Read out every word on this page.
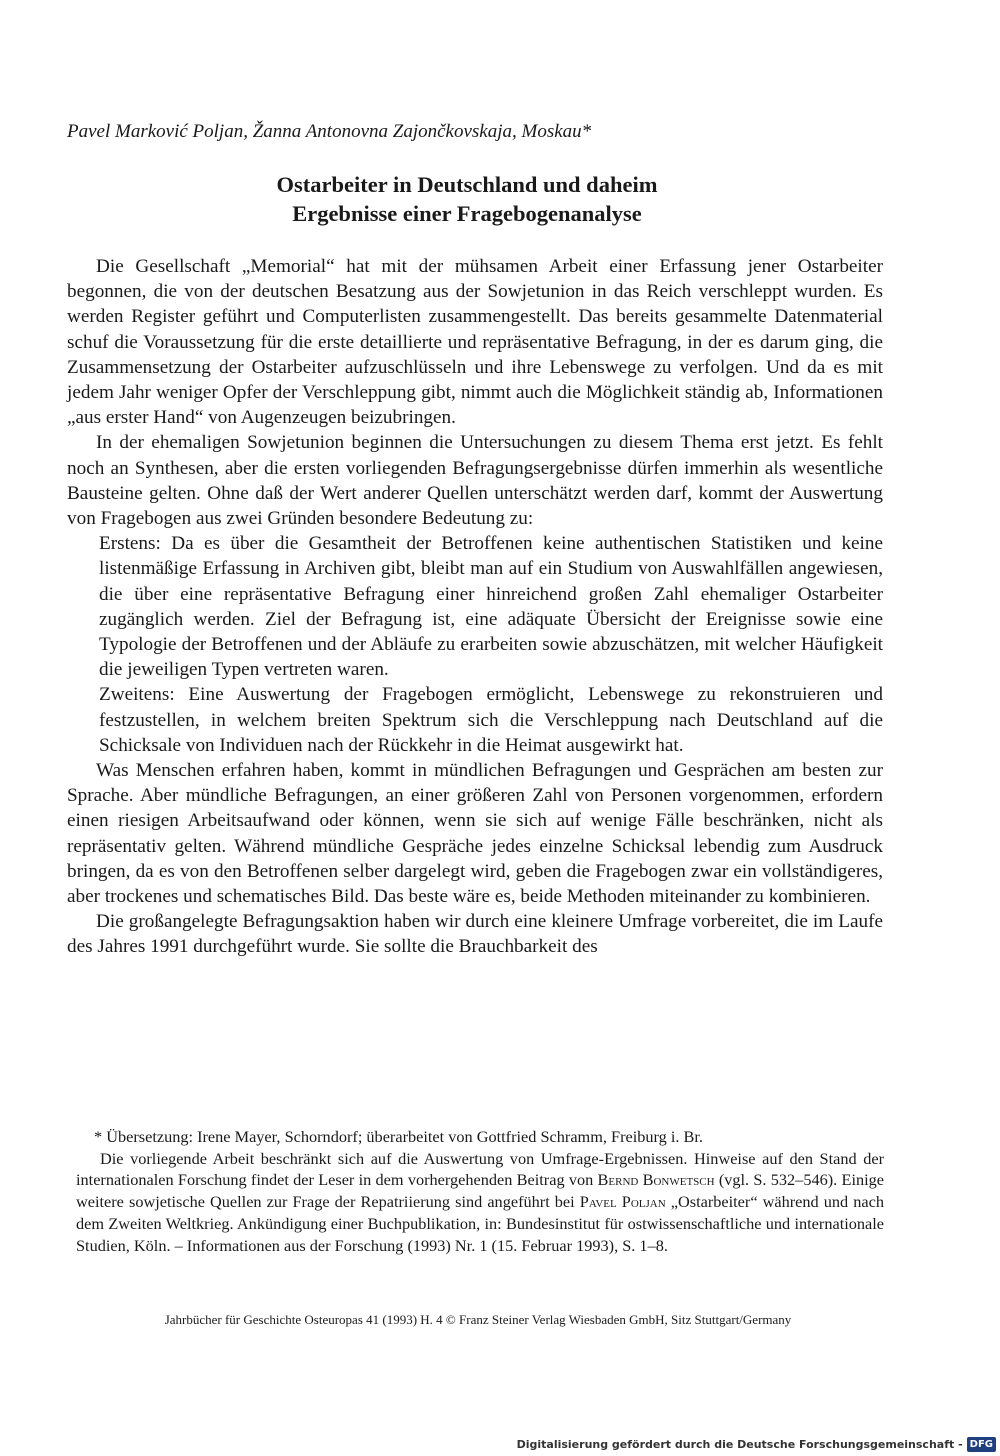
Pavel Marković Poljan, Žanna Antonovna Zajončkovskaja, Moskau*
Ostarbeiter in Deutschland und daheim
Ergebnisse einer Fragebogenanalyse

Die Gesellschaft „Memorial“ hat mit der mühsamen Arbeit einer Erfassung jener Ostarbeiter begonnen, die von der deutschen Besatzung aus der Sowjetunion in das Reich verschleppt wurden. Es werden Register geführt und Computerlisten zusammengestellt. Das bereits gesammelte Datenmaterial schuf die Voraussetzung für die erste detaillierte und repräsentative Befragung, in der es darum ging, die Zusammensetzung der Ostarbeiter aufzuschlüsseln und ihre Lebenswege zu verfolgen. Und da es mit jedem Jahr weniger Opfer der Verschleppung gibt, nimmt auch die Möglichkeit ständig ab, Informationen „aus erster Hand“ von Augenzeugen beizubringen.

In der ehemaligen Sowjetunion beginnen die Untersuchungen zu diesem Thema erst jetzt. Es fehlt noch an Synthesen, aber die ersten vorliegenden Befragungsergebnisse dürfen immerhin als wesentliche Bausteine gelten. Ohne daß der Wert anderer Quellen unterschätzt werden darf, kommt der Auswertung von Fragebogen aus zwei Gründen besondere Bedeutung zu:

Erstens: Da es über die Gesamtheit der Betroffenen keine authentischen Statistiken und keine listenmäßige Erfassung in Archiven gibt, bleibt man auf ein Studium von Auswahlfällen angewiesen, die über eine repräsentative Befragung einer hinreichend großen Zahl ehemaliger Ostarbeiter zugänglich werden. Ziel der Befragung ist, eine adäquate Übersicht der Ereignisse sowie eine Typologie der Betroffenen und der Abläufe zu erarbeiten sowie abzuschätzen, mit welcher Häufigkeit die jeweiligen Typen vertreten waren.

Zweitens: Eine Auswertung der Fragebogen ermöglicht, Lebenswege zu rekonstruieren und festzustellen, in welchem breiten Spektrum sich die Verschleppung nach Deutschland auf die Schicksale von Individuen nach der Rückkehr in die Heimat ausgewirkt hat.

Was Menschen erfahren haben, kommt in mündlichen Befragungen und Gesprächen am besten zur Sprache. Aber mündliche Befragungen, an einer größeren Zahl von Personen vorgenommen, erfordern einen riesigen Arbeitsaufwand oder können, wenn sie sich auf wenige Fälle beschränken, nicht als repräsentativ gelten. Während mündliche Gespräche jedes einzelne Schicksal lebendig zum Ausdruck bringen, da es von den Betroffenen selber dargelegt wird, geben die Fragebogen zwar ein vollständigeres, aber trockenes und schematisches Bild. Das beste wäre es, beide Methoden miteinander zu kombinieren.

Die großangelegte Befragungsaktion haben wir durch eine kleinere Umfrage vorbereitet, die im Laufe des Jahres 1991 durchgeführt wurde. Sie sollte die Brauchbarkeit des

* Übersetzung: Irene Mayer, Schorndorf; überarbeitet von Gottfried Schramm, Freiburg i. Br.

Die vorliegende Arbeit beschränkt sich auf die Auswertung von Umfrage-Ergebnissen. Hinweise auf den Stand der internationalen Forschung findet der Leser in dem vorhergehenden Beitrag von Bernd Bonwetsch (vgl. S. 532–546). Einige weitere sowjetische Quellen zur Frage der Repatriierung sind angeführt bei Pavel Poljan „Ostarbeiter“ während und nach dem Zweiten Weltkrieg. Ankündigung einer Buchpublikation, in: Bundesinstitut für ostwissenschaftliche und internationale Studien, Köln. – Informationen aus der Forschung (1993) Nr. 1 (15. Februar 1993), S. 1–8.

Jahrbücher für Geschichte Osteuropas 41 (1993) H. 4 © Franz Steiner Verlag Wiesbaden GmbH, Sitz Stuttgart/Germany
Digitalisierung gefördert durch die Deutsche Forschungsgemeinschaft - DFG
